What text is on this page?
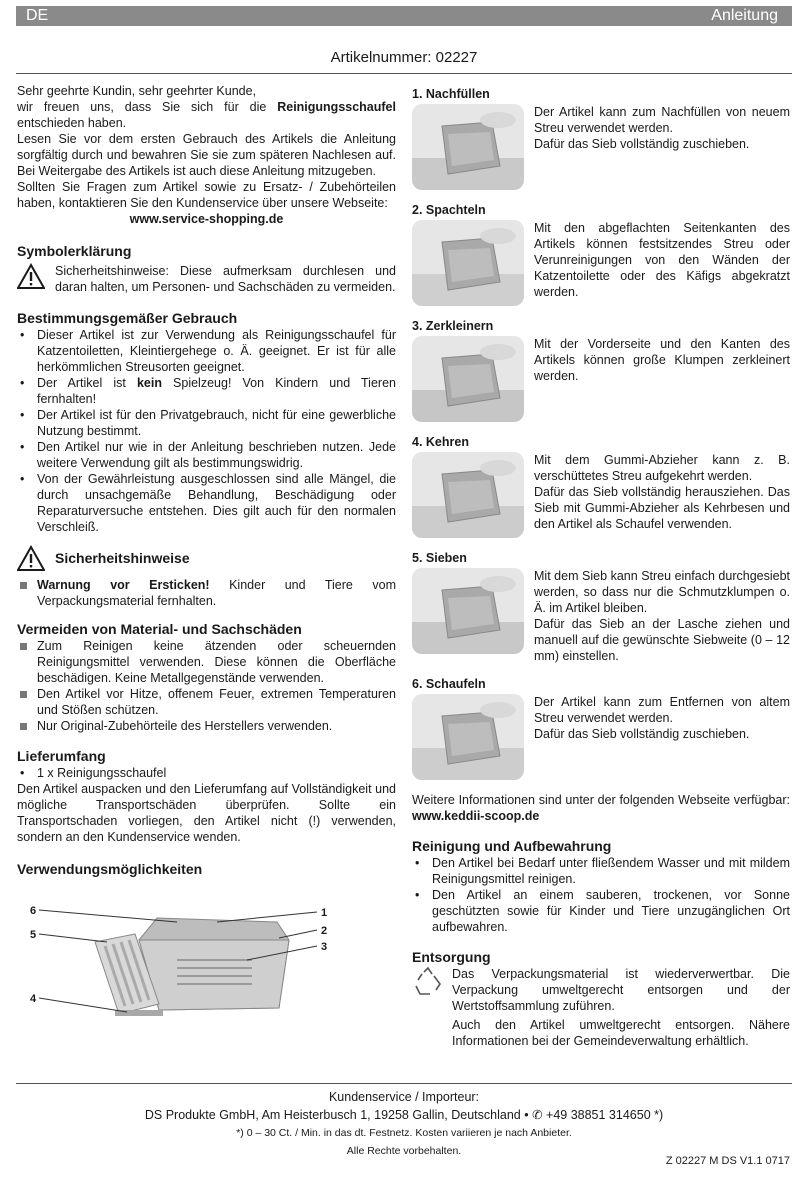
DE	Anleitung
Artikelnummer: 02227

Sehr geehrte Kundin, sehr geehrter Kunde,

wir freuen uns, dass Sie sich für die Reinigungsschaufel entschieden haben.

Lesen Sie vor dem ersten Gebrauch des Artikels die Anleitung sorgfältig durch und bewahren Sie sie zum späteren Nachlesen auf. Bei Weitergabe des Artikels ist auch diese Anleitung mitzugeben.

Sollten Sie Fragen zum Artikel sowie zu Ersatz- / Zubehörteilen haben, kontaktieren Sie den Kundenservice über unsere Webseite:

www.service-shopping.de

Symbolerklärung

Sicherheitshinweise: Diese aufmerksam durchlesen und daran halten, um Personen- und Sachschäden zu vermeiden.

Bestimmungsgemäßer Gebrauch
• Dieser Artikel ist zur Verwendung als Reinigungsschaufel für Katzentoiletten, Kleintiergehege o. Ä. geeignet. Er ist für alle herkömmlichen Streusorten geeignet.
• Der Artikel ist kein Spielzeug! Von Kindern und Tieren fernhalten!
• Der Artikel ist für den Privatgebrauch, nicht für eine gewerbliche Nutzung bestimmt.
• Den Artikel nur wie in der Anleitung beschrieben nutzen. Jede weitere Verwendung gilt als bestimmungswidrig.
• Von der Gewährleistung ausgeschlossen sind alle Mängel, die durch unsachgemäße Behandlung, Beschädigung oder Reparaturversuche entstehen. Dies gilt auch für den normalen Verschleiß.
Sicherheitshinweise
Warnung vor Ersticken! Kinder und Tiere vom Verpackungsmaterial fernhalten.
Vermeiden von Material- und Sachschäden
Zum Reinigen keine ätzenden oder scheuernden Reinigungsmittel verwenden. Diese können die Oberfläche beschädigen. Keine Metallgegenstände verwenden.
Den Artikel vor Hitze, offenem Feuer, extremen Temperaturen und Stößen schützen.
Nur Original-Zubehörteile des Herstellers verwenden.
Lieferumfang
• 1 x Reinigungsschaufel

Den Artikel auspacken und den Lieferumfang auf Vollständigkeit und mögliche Transportschäden überprüfen. Sollte ein Transportschaden vorliegen, den Artikel nicht (!) verwenden, sondern an den Kundenservice wenden.

Verwendungsmöglichkeiten
6
5
4
1
2
3
1. Nachfüllen

Der Artikel kann zum Nachfüllen von neuem Streu verwendet werden.

Dafür das Sieb vollständig zuschieben.

2. Spachteln

Mit den abgeflachten Seitenkanten des Artikels können festsitzendes Streu oder Verunreinigungen von den Wänden der Katzentoilette oder des Käfigs abgekratzt werden.

3. Zerkleinern

Mit der Vorderseite und den Kanten des Artikels können große Klumpen zerkleinert werden.

4. Kehren

Mit dem Gummi-Abzieher kann z. B. verschüttetes Streu aufgekehrt werden.

Dafür das Sieb vollständig herausziehen. Das Sieb mit Gummi-Abzieher als Kehrbesen und den Artikel als Schaufel verwenden.

5. Sieben

Mit dem Sieb kann Streu einfach durchgesiebt werden, so dass nur die Schmutzklumpen o. Ä. im Artikel bleiben.

Dafür das Sieb an der Lasche ziehen und manuell auf die gewünschte Siebweite (0 – 12 mm) einstellen.

6. Schaufeln

Der Artikel kann zum Entfernen von altem Streu verwendet werden.

Dafür das Sieb vollständig zuschieben.

Weitere Informationen sind unter der folgenden Webseite verfügbar: www.keddii-scoop.de

Reinigung und Aufbewahrung
• Den Artikel bei Bedarf unter fließendem Wasser und mit mildem Reinigungsmittel reinigen.
• Den Artikel an einem sauberen, trockenen, vor Sonne geschützten sowie für Kinder und Tiere unzugänglichen Ort aufbewahren.
Entsorgung

Das Verpackungsmaterial ist wiederverwertbar. Die Verpackung umweltgerecht entsorgen und der Wertstoffsammlung zuführen.

Auch den Artikel umweltgerecht entsorgen. Nähere Informationen bei der Gemeindeverwaltung erhältlich.

Kundenservice / Importeur:
DS Produkte GmbH, Am Heisterbusch 1, 19258 Gallin, Deutschland • ✆ +49 38851 314650 *)
*) 0 – 30 Ct. / Min. in das dt. Festnetz. Kosten variieren je nach Anbieter.
Alle Rechte vorbehalten.
Z 02227 M DS V1.1 0717
